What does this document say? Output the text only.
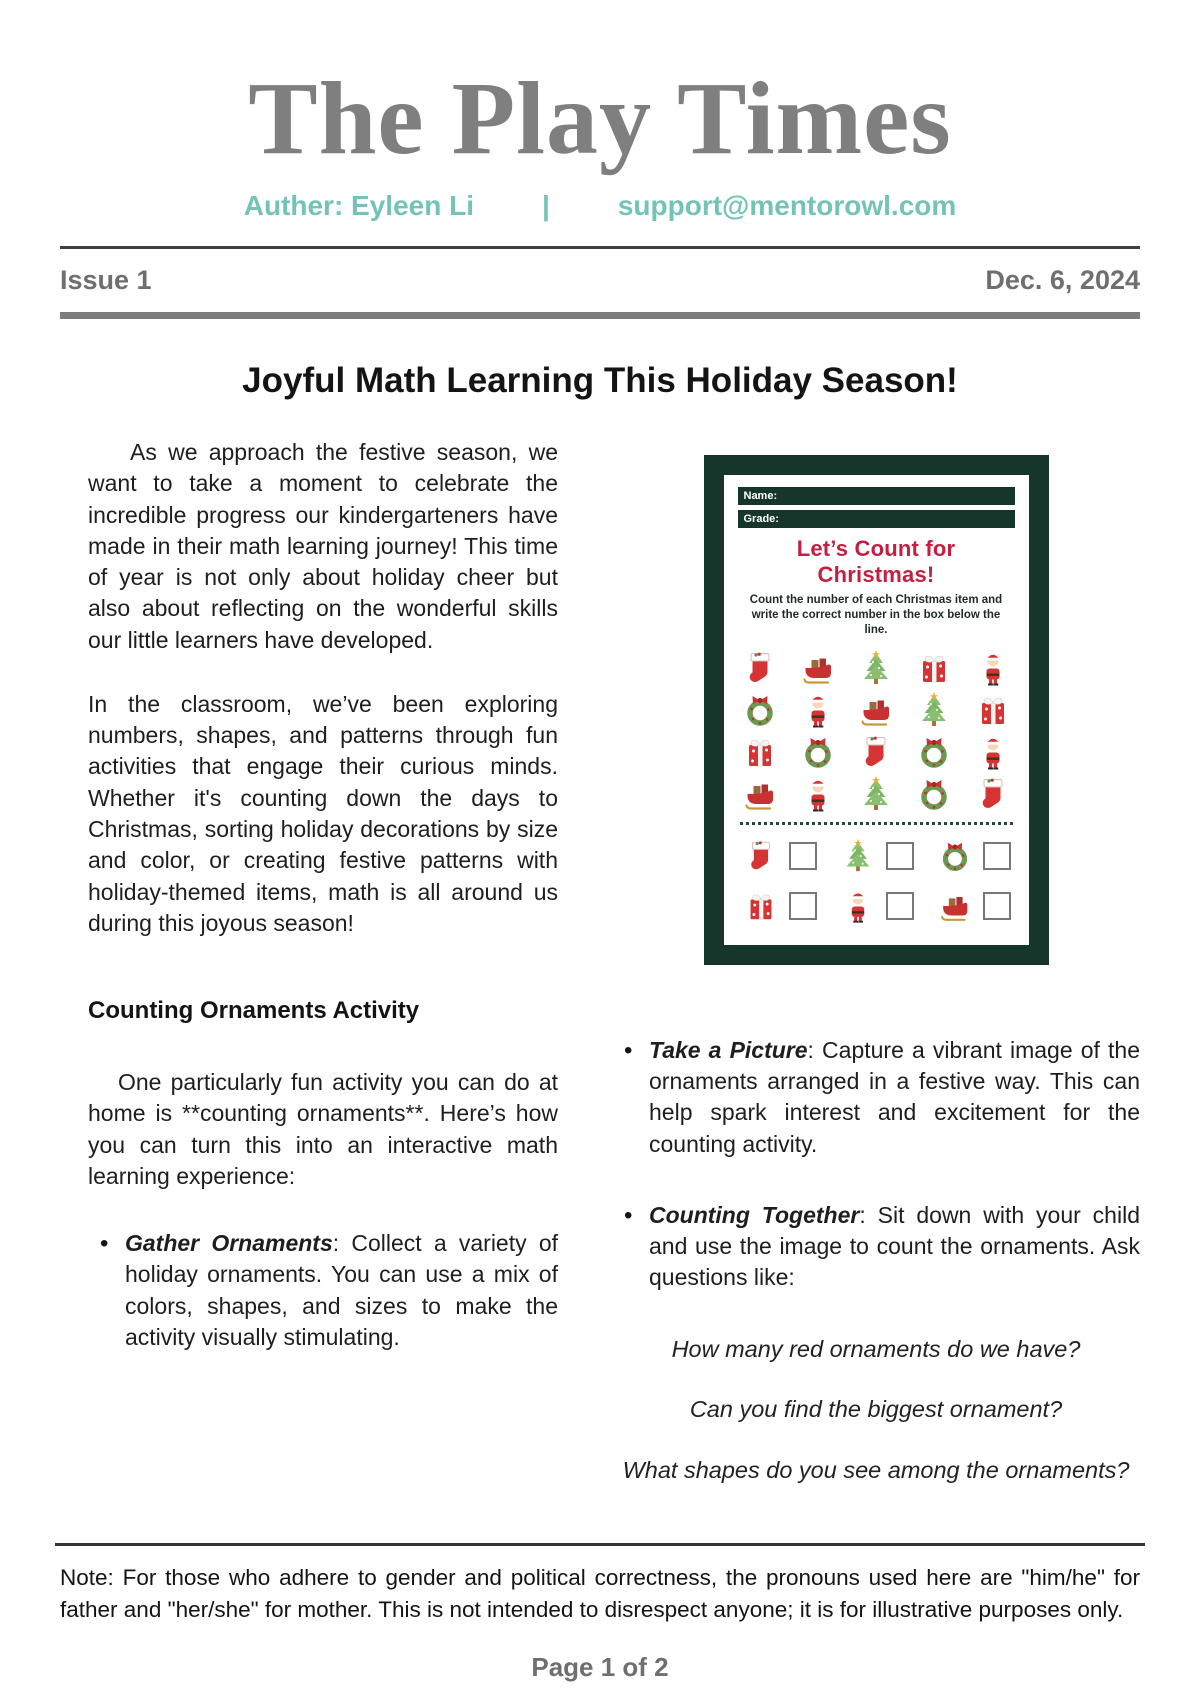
The Play Times
Auther: Eyleen Li | support@mentorowl.com
Issue 1	Dec. 6, 2024
Joyful Math Learning This Holiday Season!

As we approach the festive season, we want to take a moment to celebrate the incredible progress our kindergarteners have made in their math learning journey! This time of year is not only about holiday cheer but also about reflecting on the wonderful skills our little learners have developed.

In the classroom, we’ve been exploring numbers, shapes, and patterns through fun activities that engage their curious minds. Whether it's counting down the days to Christmas, sorting holiday decorations by size and color, or creating festive patterns with holiday-themed items, math is all around us during this joyous season!

Counting Ornaments Activity

One particularly fun activity you can do at home is **counting ornaments**. Here’s how you can turn this into an interactive math learning experience:

• Gather Ornaments: Collect a variety of holiday ornaments. You can use a mix of colors, shapes, and sizes to make the activity visually stimulating.
Name:
Grade:
Let’s Count for Christmas!
Count the number of each Christmas item and write the correct number in the box below the line.
• Take a Picture: Capture a vibrant image of the ornaments arranged in a festive way. This can help spark interest and excitement for the counting activity.
• Counting Together: Sit down with your child and use the image to count the ornaments. Ask questions like:

How many red ornaments do we have?

Can you find the biggest ornament?

What shapes do you see among the ornaments?

Note: For those who adhere to gender and political correctness, the pronouns used here are "him/he" for father and "her/she" for mother. This is not intended to disrespect anyone; it is for illustrative purposes only.

Page 1 of 2
